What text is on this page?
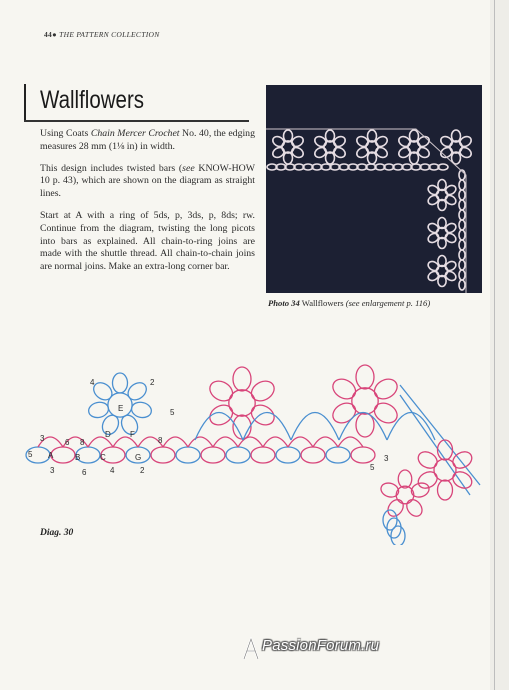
44● THE PATTERN COLLECTION
Wallflowers

Using Coats Chain Mercer Crochet No. 40, the edging measures 28 mm (1⅛ in) in width.

This design includes twisted bars (see KNOW-HOW 10 p. 43), which are shown on the diagram as straight lines.

Start at A with a ring of 5ds, p, 3ds, p, 8ds; rw. Continue from the diagram, twisting the long picots into bars as explained. All chain-to-ring joins are made with the shuttle thread. All chain-to-chain joins are normal joins. Make an extra-long corner bar.

Photo 34 Wallflowers (see enlargement p. 116)
A	B C
D
E
F
G
5
3
8
6
4	2
5
3	8
6	4	2	5
3
Diag. 30
PassionForum.ru
